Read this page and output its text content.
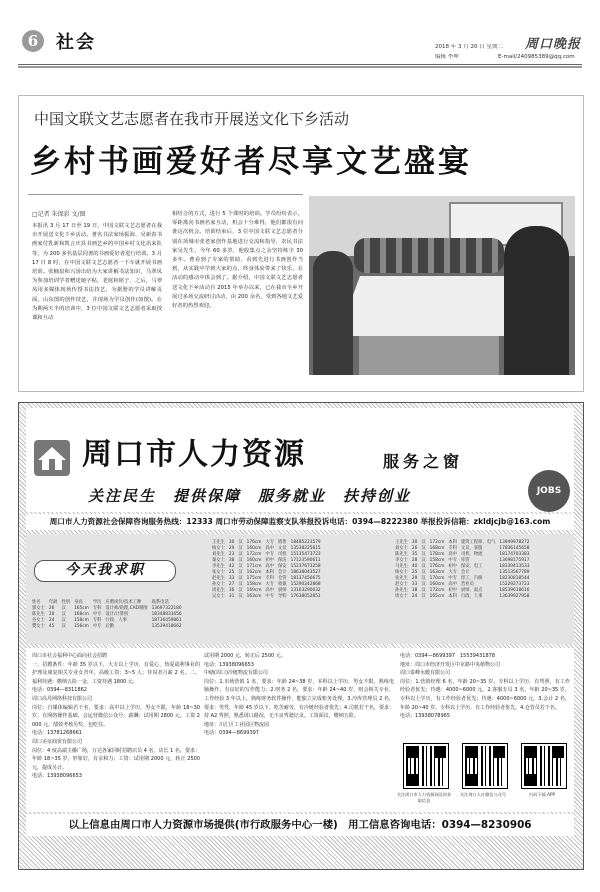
6 社会	2018 年 3 月 20 日 星期二
编辑 李坤	E-mail/240985389@qq.com
周口晚报
中国文联文艺志愿者在我市开展送文化下乡活动
乡村书画爱好者尽享文艺盛宴
□记者 朱保彩 文/图
本报讯 3 月 17 日至 19 日，中国文联文艺志愿者在我市开展送文化下乡活动。著名书法家玚振海、吴新春书画家付乳新和凯言庆县书画艺乡的中国乡村文化讯来队等，为 200 多名基层同書的书画爱好者进行培训。3 月 17 日 8 时，在中国文联文艺志愿者一下车就开展书画培训。张楠泉和兴汤出给为大家讲解书法知识，马翠凤为参加培训学者赠送她字帖，老庭和铭子、之后，马翠凤用多媒体现场传授书法技艺，为据册的学员讲解页面，山东图的创作技艺，并现场为学员创作(如图)。在为期两天半的培训中，3 位中国文联文艺志愿者采取授课和互动
相结合的方式，进行 5 个课时的培训。学员纷纷表示，零距离向书画名家互动，机会十分难得，他们都很有问谁这次机会。培训结束后，3 位中国文联文艺志愿者分别在项城市张老家创作基地进行交流和指导，农民书法家吴先生，今年 60 多岁，他收集点之余坚持练字 30 多年。曹看到了专家的帮助，看到先进行书画创作当到，从实践中学到大家的点，终身体验带来了快乐，在活动的感动中体会到了。据介绍，中国文联文艺志愿者送文化下乡活动自 2015 年举办以来，已在我市全乡开展过多场交流研讨活动，由 200 余名，受到各地文艺爱好者的热烈欢迎。
周口市人力资源	服务之窗
JOBS
关注民生　提供保障　服务就业　扶持创业
周口市人力资源社会保障咨询服务热线：12333 周口市劳动保障监察支队举报投诉电话：0394—8222380 举报投诉信箱：zkldjcjb@163.com
今天我求职
姓名	年龄	性别	身高	学历	应聘岗位/技术工种	联系电话
郭女士	26	汉	165cm	专科	设计师/助理,CAD制图	13697322180
陈先生	20	汉	168cm	中专	设计/计算机	18348831656
谷女士	24	汉	158cm	专科	行政、人事	18736459861
樊女士	45	汉	156cm	中专	后勤	13539418662
王先生	30	汉	176cm	大专	销售	18485223579
杨女士	29	汉	160cm	高中	文员	13538225615
刘先生	23	汉	172cm	中专	司机	15135473723
秦女士	38	汉	160cm	初中	保洁	17123590611
李先生	42	汉	171cm	高中	保安	15237673258
张女士	25	汉	162cm	本科	会计	18638043527
赵先生	33	汉	175cm	专科	仓管	18137456675
孙女士	27	汉	158cm	大专	收银	15290242868
周先生	36	汉	169cm	高中	厨师	13163290032
吴女士	31	汉	163cm	中专	导购	17638052851
王先生	30	汉	172cm	本科	建筑工程师、电气	13949978272
刘女士	26	汉	168cm	专科	文员、客服	17836145658
陈先生	35	汉	178cm	高中	司机、物流	18174703383
李女士	28	汉	158cm	中专	库管	13698175917
马先生	40	汉	176cm	初中	保安、电工	18339413533
杨女士	25	汉	163cm	大专	会计	13513567789
张先生	29	汉	170cm	中专	焊工、汽修	18230818544
赵女士	33	汉	160cm	高中	营业员	15229273723
孙先生	38	汉	172cm	初中	厨师、面点	18539618616
周女士	24	汉	165cm	本科	行政、人事	13639927958
周口市社会福利中心面向社会招聘
一、招聘条件：年龄 35 岁以下，大专以上学历，有爱心，热爱福利事业的护理及康复相关专业女青年。高级工资：3~5 人；待岗者月薪 2 名。二、福利待遇：缴纳五险一金，工资待遇 1800 元。
电话：0394—8311862
周口高丹网络科技有限公司
岗位：自媒体编辑若干名，要求：高中以上学历，男女不限，年龄 18~30 岁，有网络操作基础，会运营微信公众号；薪酬：试用期 2800 元。工资 2000 元，绩效考核另奖，包吃住。
电话：13781268661
周口美谊商贸有限公司
岗位：4 度高端主播广场，万达各家同时招聘店员 4 名，店长 1 名，要求：年龄 18~35 岁，形象好，有亲和力；工资：试用期 2000 元，转正 2500 元，提成另计。
电话：13938096653
试用期 2000 元，转正后 2500 元。
电话：13938096653
中储(周口)冷链物流有限公司
岗位：1.市场营销 1 名，要求：年龄 24~38 岁，本科以上学历，男女不限，熟练电脑操作，有良好的写作能力；2.财务 2 名，要求：年龄 24~40 岁，财会相关专业，工作经验 3 年以上，熟练财务软件操作，能独立完成账务处理。3.冷库管理员 2 名，要求：男性，年龄 45 岁以下，吃苦耐劳，有冷链经验者优先；4.司机若干名，要求：持 A2 驾照，熟悉周口路况，无不良驾驶记录。工资面议，缴纳五险。
地址：川汇区工业园区物流园
电话：0394—8699397
电话：0394—8699397　15539431878
地址：周口市经济开发区中京路中央植物公司
周口泰峰水暖有限公司
岗位：1.营销经理 6 名，年龄 20~35 岁，专科以上学历，有驾照，有工作经验者优先；待遇：4000~6000 元。2.客服专员 3 名，年龄 20~35 岁，专科以上学历，有工作经验者优先；待遇：4000~6000 元。3.会计 2 名，年龄 20~40 岁，专科以上学历，有工作经验者优先。4.仓管员若干名。
电话：13938078965
关注周口市人力资源网及时获取信息
关注周口人社微信公众号	扫码下载 APP
以上信息由周口市人力资源市场提供(市行政服务中心一楼)　用工信息咨询电话：0394—8230906
